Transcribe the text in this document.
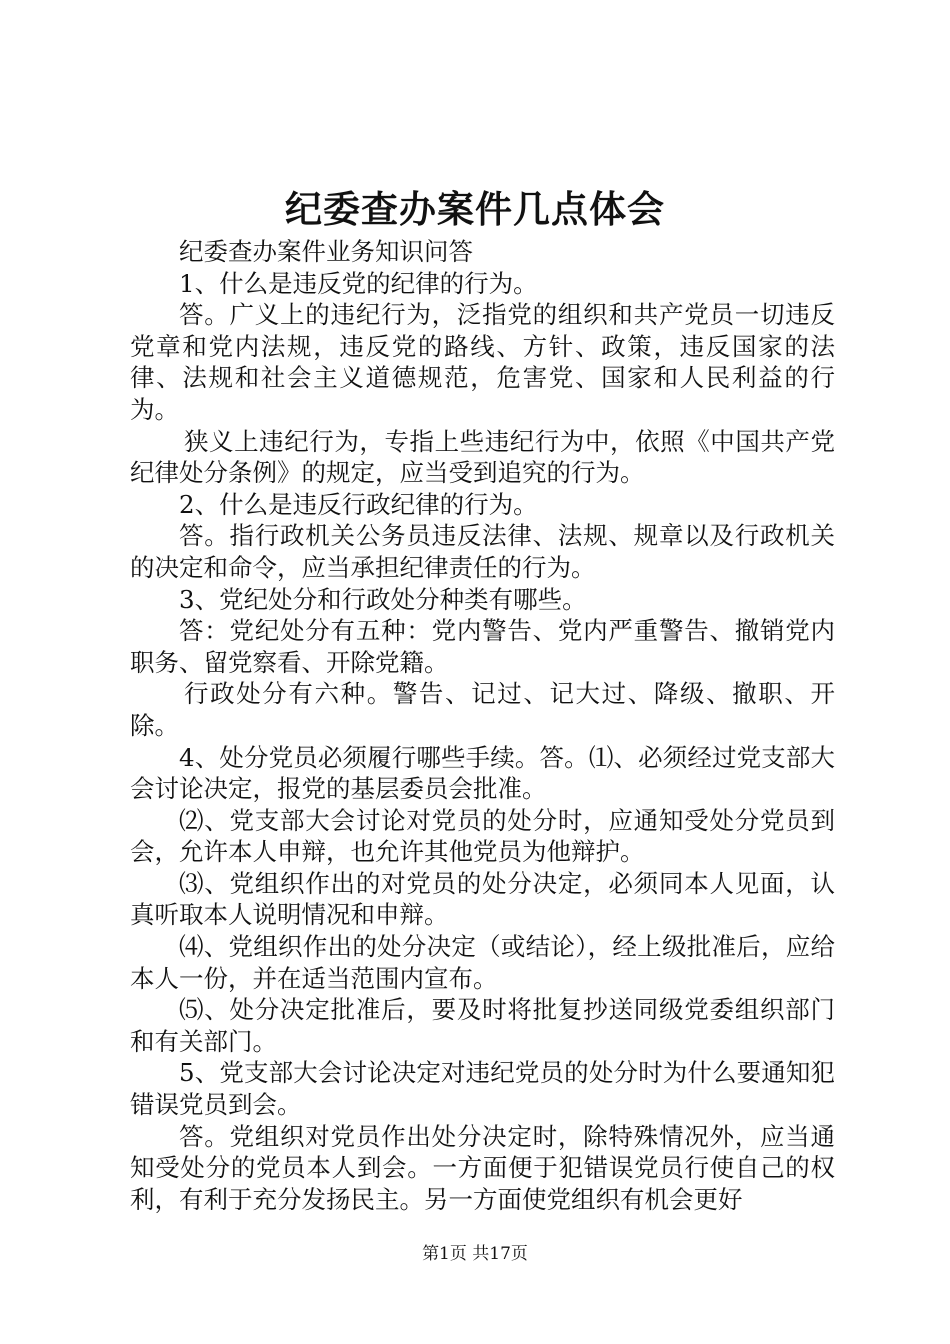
纪委查办案件几点体会

纪委查办案件业务知识问答

1、什么是违反党的纪律的行为。

答。广义上的违纪行为，泛指党的组织和共产党员一切违反党章和党内法规，违反党的路线、方针、政策，违反国家的法律、法规和社会主义道德规范，危害党、国家和人民利益的行为。

狭义上违纪行为，专指上些违纪行为中，依照《中国共产党纪律处分条例》的规定，应当受到追究的行为。

2、什么是违反行政纪律的行为。

答。指行政机关公务员违反法律、法规、规章以及行政机关的决定和命令，应当承担纪律责任的行为。

3、党纪处分和行政处分种类有哪些。

答：党纪处分有五种：党内警告、党内严重警告、撤销党内职务、留党察看、开除党籍。

行政处分有六种。警告、记过、记大过、降级、撤职、开除。

4、处分党员必须履行哪些手续。答。⑴、必须经过党支部大会讨论决定，报党的基层委员会批准。

⑵、党支部大会讨论对党员的处分时，应通知受处分党员到会，允许本人申辩，也允许其他党员为他辩护。

⑶、党组织作出的对党员的处分决定，必须同本人见面，认真听取本人说明情况和申辩。

⑷、党组织作出的处分决定（或结论），经上级批准后，应给本人一份，并在适当范围内宣布。

⑸、处分决定批准后，要及时将批复抄送同级党委组织部门和有关部门。

5、党支部大会讨论决定对违纪党员的处分时为什么要通知犯错误党员到会。

答。党组织对党员作出处分决定时，除特殊情况外，应当通知受处分的党员本人到会。一方面便于犯错误党员行使自己的权利，有利于充分发扬民主。另一方面使党组织有机会更好

第1页 共17页
